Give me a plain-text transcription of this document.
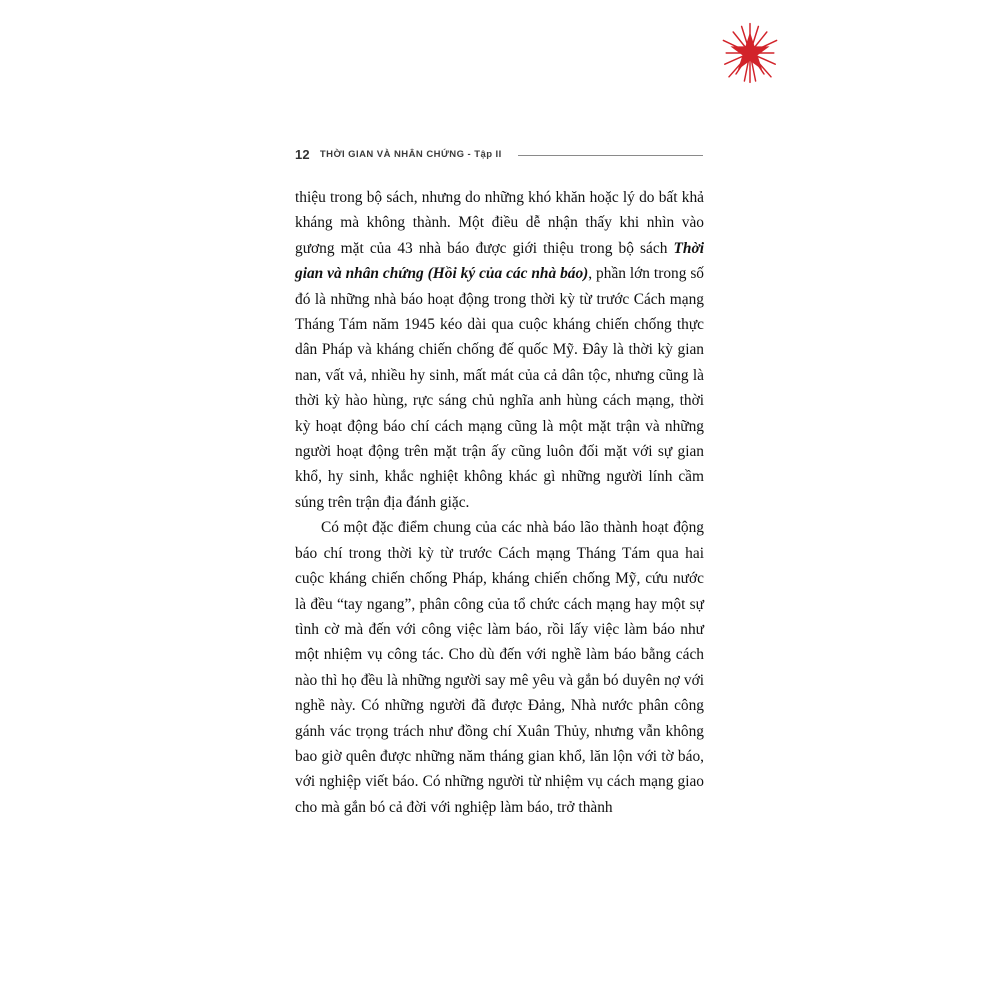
12 THỜI GIAN VÀ NHÂN CHỨNG - Tập II

thiệu trong bộ sách, nhưng do những khó khăn hoặc lý do bất khả kháng mà không thành. Một điều dễ nhận thấy khi nhìn vào gương mặt của 43 nhà báo được giới thiệu trong bộ sách Thời gian và nhân chứng (Hồi ký của các nhà báo), phần lớn trong số đó là những nhà báo hoạt động trong thời kỳ từ trước Cách mạng Tháng Tám năm 1945 kéo dài qua cuộc kháng chiến chống thực dân Pháp và kháng chiến chống đế quốc Mỹ. Đây là thời kỳ gian nan, vất vả, nhiều hy sinh, mất mát của cả dân tộc, nhưng cũng là thời kỳ hào hùng, rực sáng chủ nghĩa anh hùng cách mạng, thời kỳ hoạt động báo chí cách mạng cũng là một mặt trận và những người hoạt động trên mặt trận ấy cũng luôn đối mặt với sự gian khổ, hy sinh, khắc nghiệt không khác gì những người lính cầm súng trên trận địa đánh giặc.

Có một đặc điểm chung của các nhà báo lão thành hoạt động báo chí trong thời kỳ từ trước Cách mạng Tháng Tám qua hai cuộc kháng chiến chống Pháp, kháng chiến chống Mỹ, cứu nước là đều “tay ngang”, phân công của tổ chức cách mạng hay một sự tình cờ mà đến với công việc làm báo, rồi lấy việc làm báo như một nhiệm vụ công tác. Cho dù đến với nghề làm báo bằng cách nào thì họ đều là những người say mê yêu và gắn bó duyên nợ với nghề này. Có những người đã được Đảng, Nhà nước phân công gánh vác trọng trách như đồng chí Xuân Thủy, nhưng vẫn không bao giờ quên được những năm tháng gian khổ, lăn lộn với tờ báo, với nghiệp viết báo. Có những người từ nhiệm vụ cách mạng giao cho mà gắn bó cả đời với nghiệp làm báo, trở thành
